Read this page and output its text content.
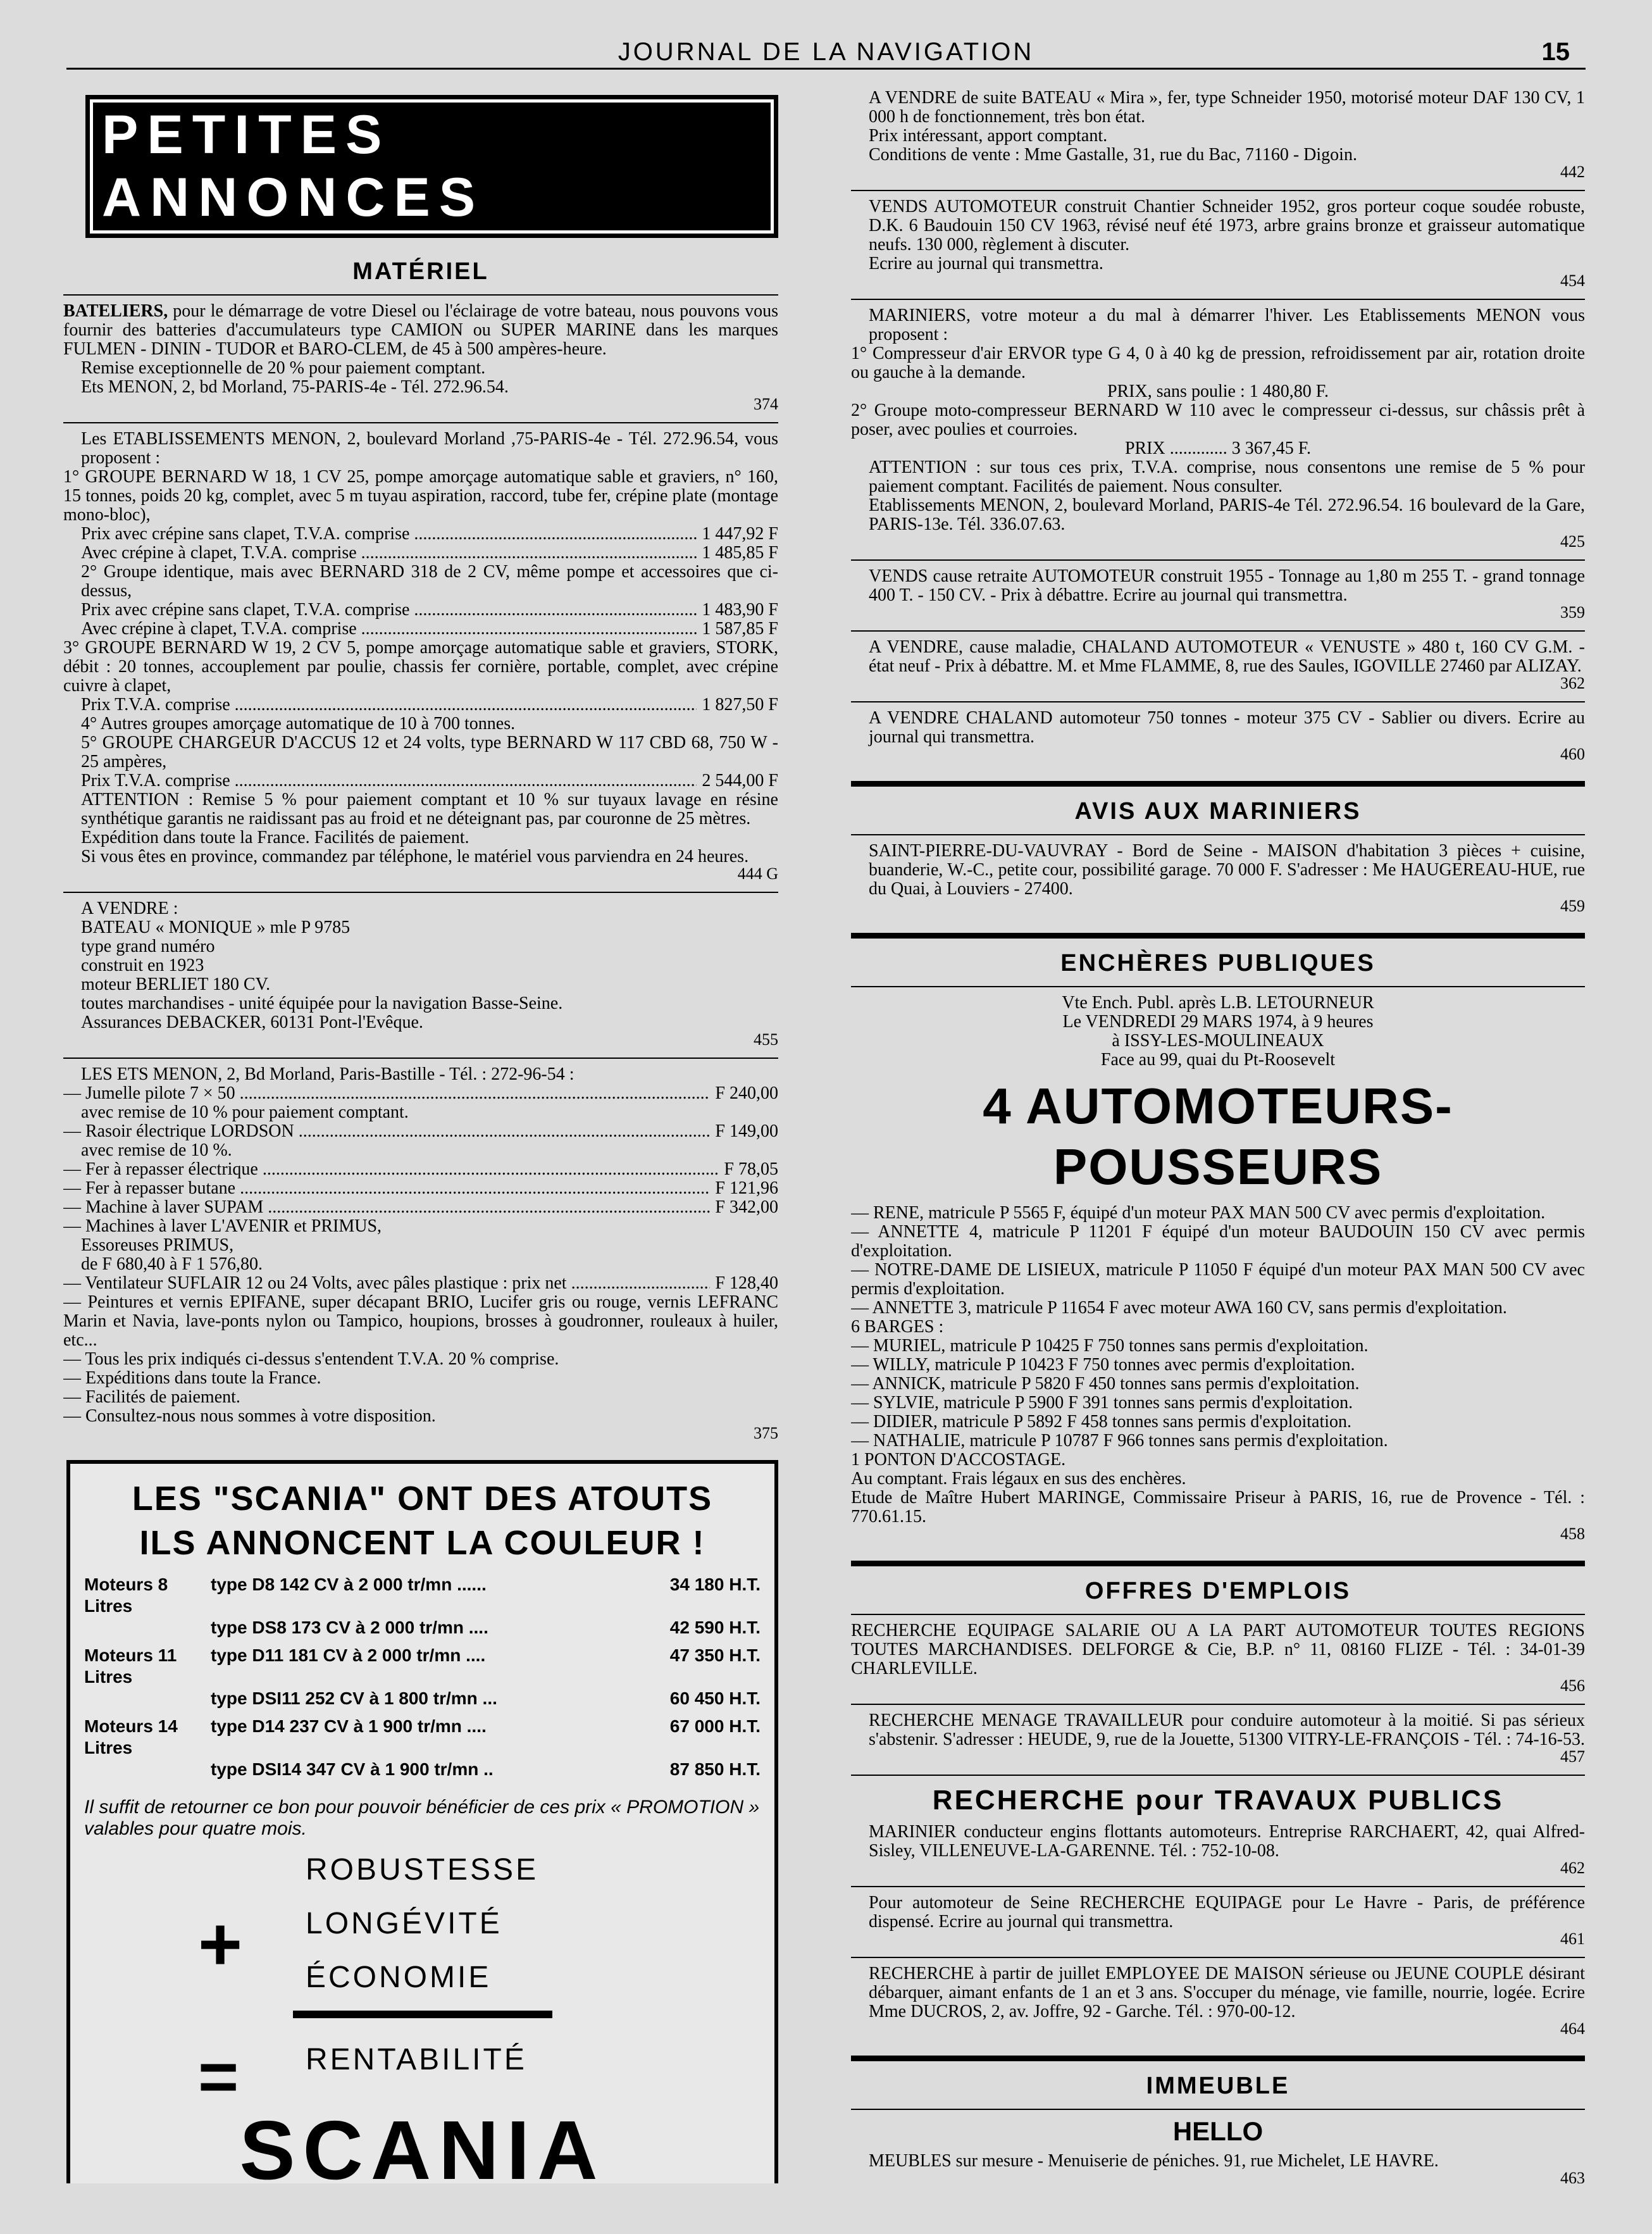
JOURNAL DE LA NAVIGATION	15
PETITES ANNONCES
MATÉRIEL
BATELIERS, pour le démarrage de votre Diesel ou l'éclairage de votre bateau, nous pouvons vous fournir des batteries d'accumulateurs type CAMION ou SUPER MARINE dans les marques FULMEN - DININ - TUDOR et BARO-CLEM, de 45 à 500 ampères-heure.
Remise exceptionnelle de 20 % pour paiement comptant.
Ets MENON, 2, bd Morland, 75-PARIS-4e - Tél. 272.96.54.
374
Les ETABLISSEMENTS MENON, 2, boulevard Morland ,75-PARIS-4e - Tél. 272.96.54, vous proposent :
1° GROUPE BERNARD W 18, 1 CV 25, pompe amorçage automatique sable et graviers, n° 160, 15 tonnes, poids 20 kg, complet, avec 5 m tuyau aspiration, raccord, tube fer, crépine plate (montage mono-bloc),
Prix avec crépine sans clapet, T.V.A. comprise .....	1 447,92 F
Avec crépine à clapet, T.V.A. comprise .....	1 485,85 F
2° Groupe identique, mais avec BERNARD 318 de 2 CV, même pompe et accessoires que ci-dessus,
Prix avec crépine sans clapet, T.V.A. comprise .....	1 483,90 F
Avec crépine à clapet, T.V.A. comprise .....	1 587,85 F
3° GROUPE BERNARD W 19, 2 CV 5, pompe amorçage automatique sable et graviers, STORK, débit : 20 tonnes, accouplement par poulie, chassis fer cornière, portable, complet, avec crépine cuivre à clapet,
Prix T.V.A. comprise .....	1 827,50 F
4° Autres groupes amorçage automatique de 10 à 700 tonnes.
5° GROUPE CHARGEUR D'ACCUS 12 et 24 volts, type BERNARD W 117 CBD 68, 750 W - 25 ampères,
Prix T.V.A. comprise .....	2 544,00 F
ATTENTION : Remise 5 % pour paiement comptant et 10 % sur tuyaux lavage en résine synthétique garantis ne raidissant pas au froid et ne déteignant pas, par couronne de 25 mètres.
Expédition dans toute la France. Facilités de paiement.
Si vous êtes en province, commandez par téléphone, le matériel vous parviendra en 24 heures.
444 G
A VENDRE :
BATEAU « MONIQUE » mle P 9785
type grand numéro
construit en 1923
moteur BERLIET 180 CV.
toutes marchandises - unité équipée pour la navigation Basse-Seine.
Assurances DEBACKER, 60131 Pont-l'Evêque.
455
LES ETS MENON, 2, Bd Morland, Paris-Bastille - Tél. : 272-96-54 :
— Jumelle pilote 7 × 50 .....	F 240,00
avec remise de 10 % pour paiement comptant.
— Rasoir électrique LORDSON .....	F 149,00
avec remise de 10 %.
— Fer à repasser électrique .....	F 78,05
— Fer à repasser butane .....	F 121,96
— Machine à laver SUPAM .....	F 342,00
— Machines à laver L'AVENIR et PRIMUS,
Essoreuses PRIMUS,
de F 680,40 à F 1 576,80.
— Ventilateur SUFLAIR 12 ou 24 Volts, avec pâles plastique : prix net .....	F 128,40
— Peintures et vernis EPIFANE, super décapant BRIO, Lucifer gris ou rouge, vernis LEFRANC Marin et Navia, lave-ponts nylon ou Tampico, houpions, brosses à goudronner, rouleaux à huiler, etc...
— Tous les prix indiqués ci-dessus s'entendent T.V.A. 20 % comprise.
— Expéditions dans toute la France.
— Facilités de paiement.
— Consultez-nous nous sommes à votre disposition.
375
LES "SCANIA" ONT DES ATOUTS
ILS ANNONCENT LA COULEUR !
Moteurs 8 Litres
type D8 142 CV à 2 000 tr/mn ......	34 180 H.T.
type DS8 173 CV à 2 000 tr/mn ....	42 590 H.T.
Moteurs 11 Litres
type D11 181 CV à 2 000 tr/mn ....	47 350 H.T.
type DSI11 252 CV à 1 800 tr/mn ...	60 450 H.T.
Moteurs 14 Litres
type D14 237 CV à 1 900 tr/mn ....	67 000 H.T.
type DSI14 347 CV à 1 900 tr/mn ..	87 850 H.T.
Il suffit de retourner ce bon pour pouvoir bénéficier de ces prix « PROMOTION » valables pour quatre mois.
ROBUSTESSE
+ LONGÉVITÉ
ÉCONOMIE
= RENTABILITÉ
SCANIA
A VENDRE de suite BATEAU « Mira », fer, type Schneider 1950, motorisé moteur DAF 130 CV, 1 000 h de fonctionnement, très bon état.
Prix intéressant, apport comptant.
Conditions de vente : Mme Gastalle, 31, rue du Bac, 71160 - Digoin.
442
VENDS AUTOMOTEUR construit Chantier Schneider 1952, gros porteur coque soudée robuste, D.K. 6 Baudouin 150 CV 1963, révisé neuf été 1973, arbre grains bronze et graisseur automatique neufs. 130 000, règlement à discuter.
Ecrire au journal qui transmettra.
454
MARINIERS, votre moteur a du mal à démarrer l'hiver. Les Etablissements MENON vous proposent :
1° Compresseur d'air ERVOR type G 4, 0 à 40 kg de pression, refroidissement par air, rotation droite ou gauche à la demande.
PRIX, sans poulie : 1 480,80 F.
2° Groupe moto-compresseur BERNARD W 110 avec le compresseur ci-dessus, sur châssis prêt à poser, avec poulies et courroies.
PRIX ............. 3 367,45 F.
ATTENTION : sur tous ces prix, T.V.A. comprise, nous consentons une remise de 5 % pour paiement comptant. Facilités de paiement. Nous consulter.
Etablissements MENON, 2, boulevard Morland, PARIS-4e Tél. 272.96.54. 16 boulevard de la Gare, PARIS-13e. Tél. 336.07.63.
425
VENDS cause retraite AUTOMOTEUR construit 1955 - Tonnage au 1,80 m 255 T. - grand tonnage 400 T. - 150 CV. - Prix à débattre. Ecrire au journal qui transmettra.
359
A VENDRE, cause maladie, CHALAND AUTOMOTEUR « VENUSTE » 480 t, 160 CV G.M. - état neuf - Prix à débattre. M. et Mme FLAMME, 8, rue des Saules, IGOVILLE 27460 par ALIZAY.
362
A VENDRE CHALAND automoteur 750 tonnes - moteur 375 CV - Sablier ou divers. Ecrire au journal qui transmettra.
460
AVIS AUX MARINIERS
SAINT-PIERRE-DU-VAUVRAY - Bord de Seine - MAISON d'habitation 3 pièces + cuisine, buanderie, W.-C., petite cour, possibilité garage. 70 000 F. S'adresser : Me HAUGEREAU-HUE, rue du Quai, à Louviers - 27400.
459
ENCHÈRES PUBLIQUES
Vte Ench. Publ. après L.B. LETOURNEUR
Le VENDREDI 29 MARS 1974, à 9 heures
à ISSY-LES-MOULINEAUX
Face au 99, quai du Pt-Roosevelt
4 AUTOMOTEURS-POUSSEURS
— RENE, matricule P 5565 F, équipé d'un moteur PAX MAN 500 CV avec permis d'exploitation.
— ANNETTE 4, matricule P 11201 F équipé d'un moteur BAUDOUIN 150 CV avec permis d'exploitation.
— NOTRE-DAME DE LISIEUX, matricule P 11050 F équipé d'un moteur PAX MAN 500 CV avec permis d'exploitation.
— ANNETTE 3, matricule P 11654 F avec moteur AWA 160 CV, sans permis d'exploitation.
6 BARGES :
— MURIEL, matricule P 10425 F 750 tonnes sans permis d'exploitation.
— WILLY, matricule P 10423 F 750 tonnes avec permis d'exploitation.
— ANNICK, matricule P 5820 F 450 tonnes sans permis d'exploitation.
— SYLVIE, matricule P 5900 F 391 tonnes sans permis d'exploitation.
— DIDIER, matricule P 5892 F 458 tonnes sans permis d'exploitation.
— NATHALIE, matricule P 10787 F 966 tonnes sans permis d'exploitation.
1 PONTON D'ACCOSTAGE.
Au comptant. Frais légaux en sus des enchères.
Etude de Maître Hubert MARINGE, Commissaire Priseur à PARIS, 16, rue de Provence - Tél. : 770.61.15.
458
OFFRES D'EMPLOIS
RECHERCHE EQUIPAGE SALARIE OU A LA PART AUTOMOTEUR TOUTES REGIONS TOUTES MARCHANDISES. DELFORGE & Cie, B.P. n° 11, 08160 FLIZE - Tél. : 34-01-39 CHARLEVILLE.
456
RECHERCHE MENAGE TRAVAILLEUR pour conduire automoteur à la moitié. Si pas sérieux s'abstenir. S'adresser : HEUDE, 9, rue de la Jouette, 51300 VITRY-LE-FRANÇOIS - Tél. : 74-16-53.
457
RECHERCHE pour TRAVAUX PUBLICS
MARINIER conducteur engins flottants automoteurs. Entreprise RARCHAERT, 42, quai Alfred-Sisley, VILLENEUVE-LA-GARENNE. Tél. : 752-10-08.
462
Pour automoteur de Seine RECHERCHE EQUIPAGE pour Le Havre - Paris, de préférence dispensé. Ecrire au journal qui transmettra.
461
RECHERCHE à partir de juillet EMPLOYEE DE MAISON sérieuse ou JEUNE COUPLE désirant débarquer, aimant enfants de 1 an et 3 ans. S'occuper du ménage, vie famille, nourrie, logée. Ecrire Mme DUCROS, 2, av. Joffre, 92 - Garche. Tél. : 970-00-12.
464
IMMEUBLE
HELLO
MEUBLES sur mesure - Menuiserie de péniches. 91, rue Michelet, LE HAVRE.
463
